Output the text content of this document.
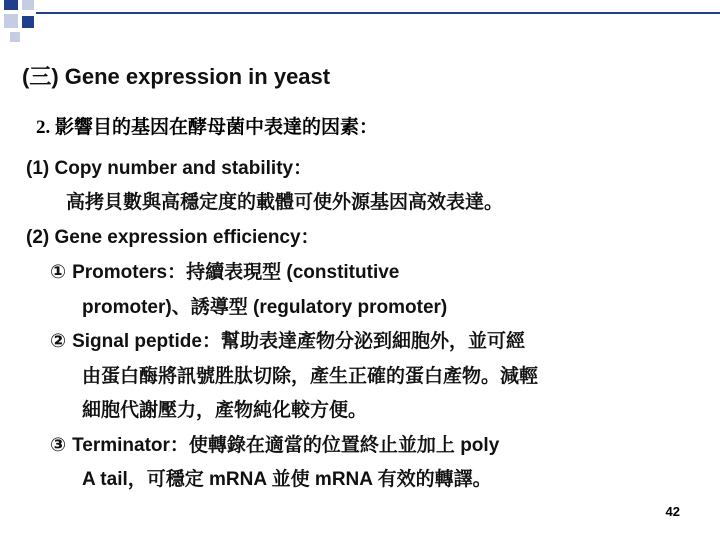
(三) Gene expression in yeast
2. 影響目的基因在酵母菌中表達的因素：
(1) Copy number and stability：
高拷貝數與高穩定度的載體可使外源基因高效表達。
(2) Gene expression efficiency：
① Promoters：持續表現型 (constitutive
promoter)、誘導型 (regulatory promoter)
② Signal peptide：幫助表達產物分泌到細胞外，並可經
由蛋白酶將訊號胜肽切除，產生正確的蛋白產物。減輕
細胞代謝壓力，產物純化較方便。
③ Terminator：使轉錄在適當的位置終止並加上 poly
A tail，可穩定 mRNA 並使 mRNA 有效的轉譯。
42
